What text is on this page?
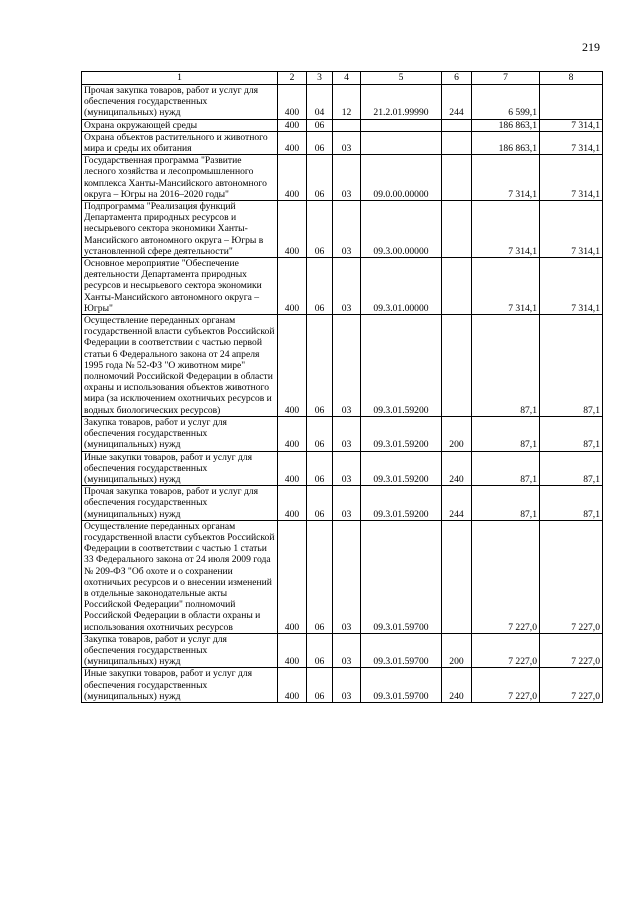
219
1	2	3	4	5	6	7	8
Прочая закупка товаров, работ и услуг для обеспечения государственных (муниципальных) нужд	400	04	12	21.2.01.99990	244	6 599,1	
Охрана окружающей среды	400	06				186 863,1	7 314,1
Охрана объектов растительного и животного мира и среды их обитания	400	06	03			186 863,1	7 314,1
Государственная программа "Развитие лесного хозяйства и лесопромышленного комплекса Ханты-Мансийского автономного округа – Югры на 2016–2020 годы"	400	06	03	09.0.00.00000		7 314,1	7 314,1
Подпрограмма "Реализация функций Департамента природных ресурсов и несырьевого сектора экономики Ханты-Мансийского автономного округа – Югры в установленной сфере деятельности"	400	06	03	09.3.00.00000		7 314,1	7 314,1
Основное мероприятие "Обеспечение деятельности Департамента природных ресурсов и несырьевого сектора экономики Ханты-Мансийского автономного округа – Югры"	400	06	03	09.3.01.00000		7 314,1	7 314,1
Осуществление переданных органам государственной власти субъектов Российской Федерации в соответствии с частью первой статьи 6 Федерального закона от 24 апреля 1995 года № 52-ФЗ "О животном мире" полномочий Российской Федерации в области охраны и использования объектов животного мира (за исключением охотничьих ресурсов и водных биологических ресурсов)	400	06	03	09.3.01.59200		87,1	87,1
Закупка товаров, работ и услуг для обеспечения государственных (муниципальных) нужд	400	06	03	09.3.01.59200	200	87,1	87,1
Иные закупки товаров, работ и услуг для обеспечения государственных (муниципальных) нужд	400	06	03	09.3.01.59200	240	87,1	87,1
Прочая закупка товаров, работ и услуг для обеспечения государственных (муниципальных) нужд	400	06	03	09.3.01.59200	244	87,1	87,1
Осуществление переданных органам государственной власти субъектов Российской Федерации в соответствии с частью 1 статьи 33 Федерального закона от 24 июля 2009 года № 209-ФЗ "Об охоте и о сохранении охотничьих ресурсов и о внесении изменений в отдельные законодательные акты Российской Федерации" полномочий Российской Федерации в области охраны и использования охотничьих ресурсов	400	06	03	09.3.01.59700		7 227,0	7 227,0
Закупка товаров, работ и услуг для обеспечения государственных (муниципальных) нужд	400	06	03	09.3.01.59700	200	7 227,0	7 227,0
Иные закупки товаров, работ и услуг для обеспечения государственных (муниципальных) нужд	400	06	03	09.3.01.59700	240	7 227,0	7 227,0
